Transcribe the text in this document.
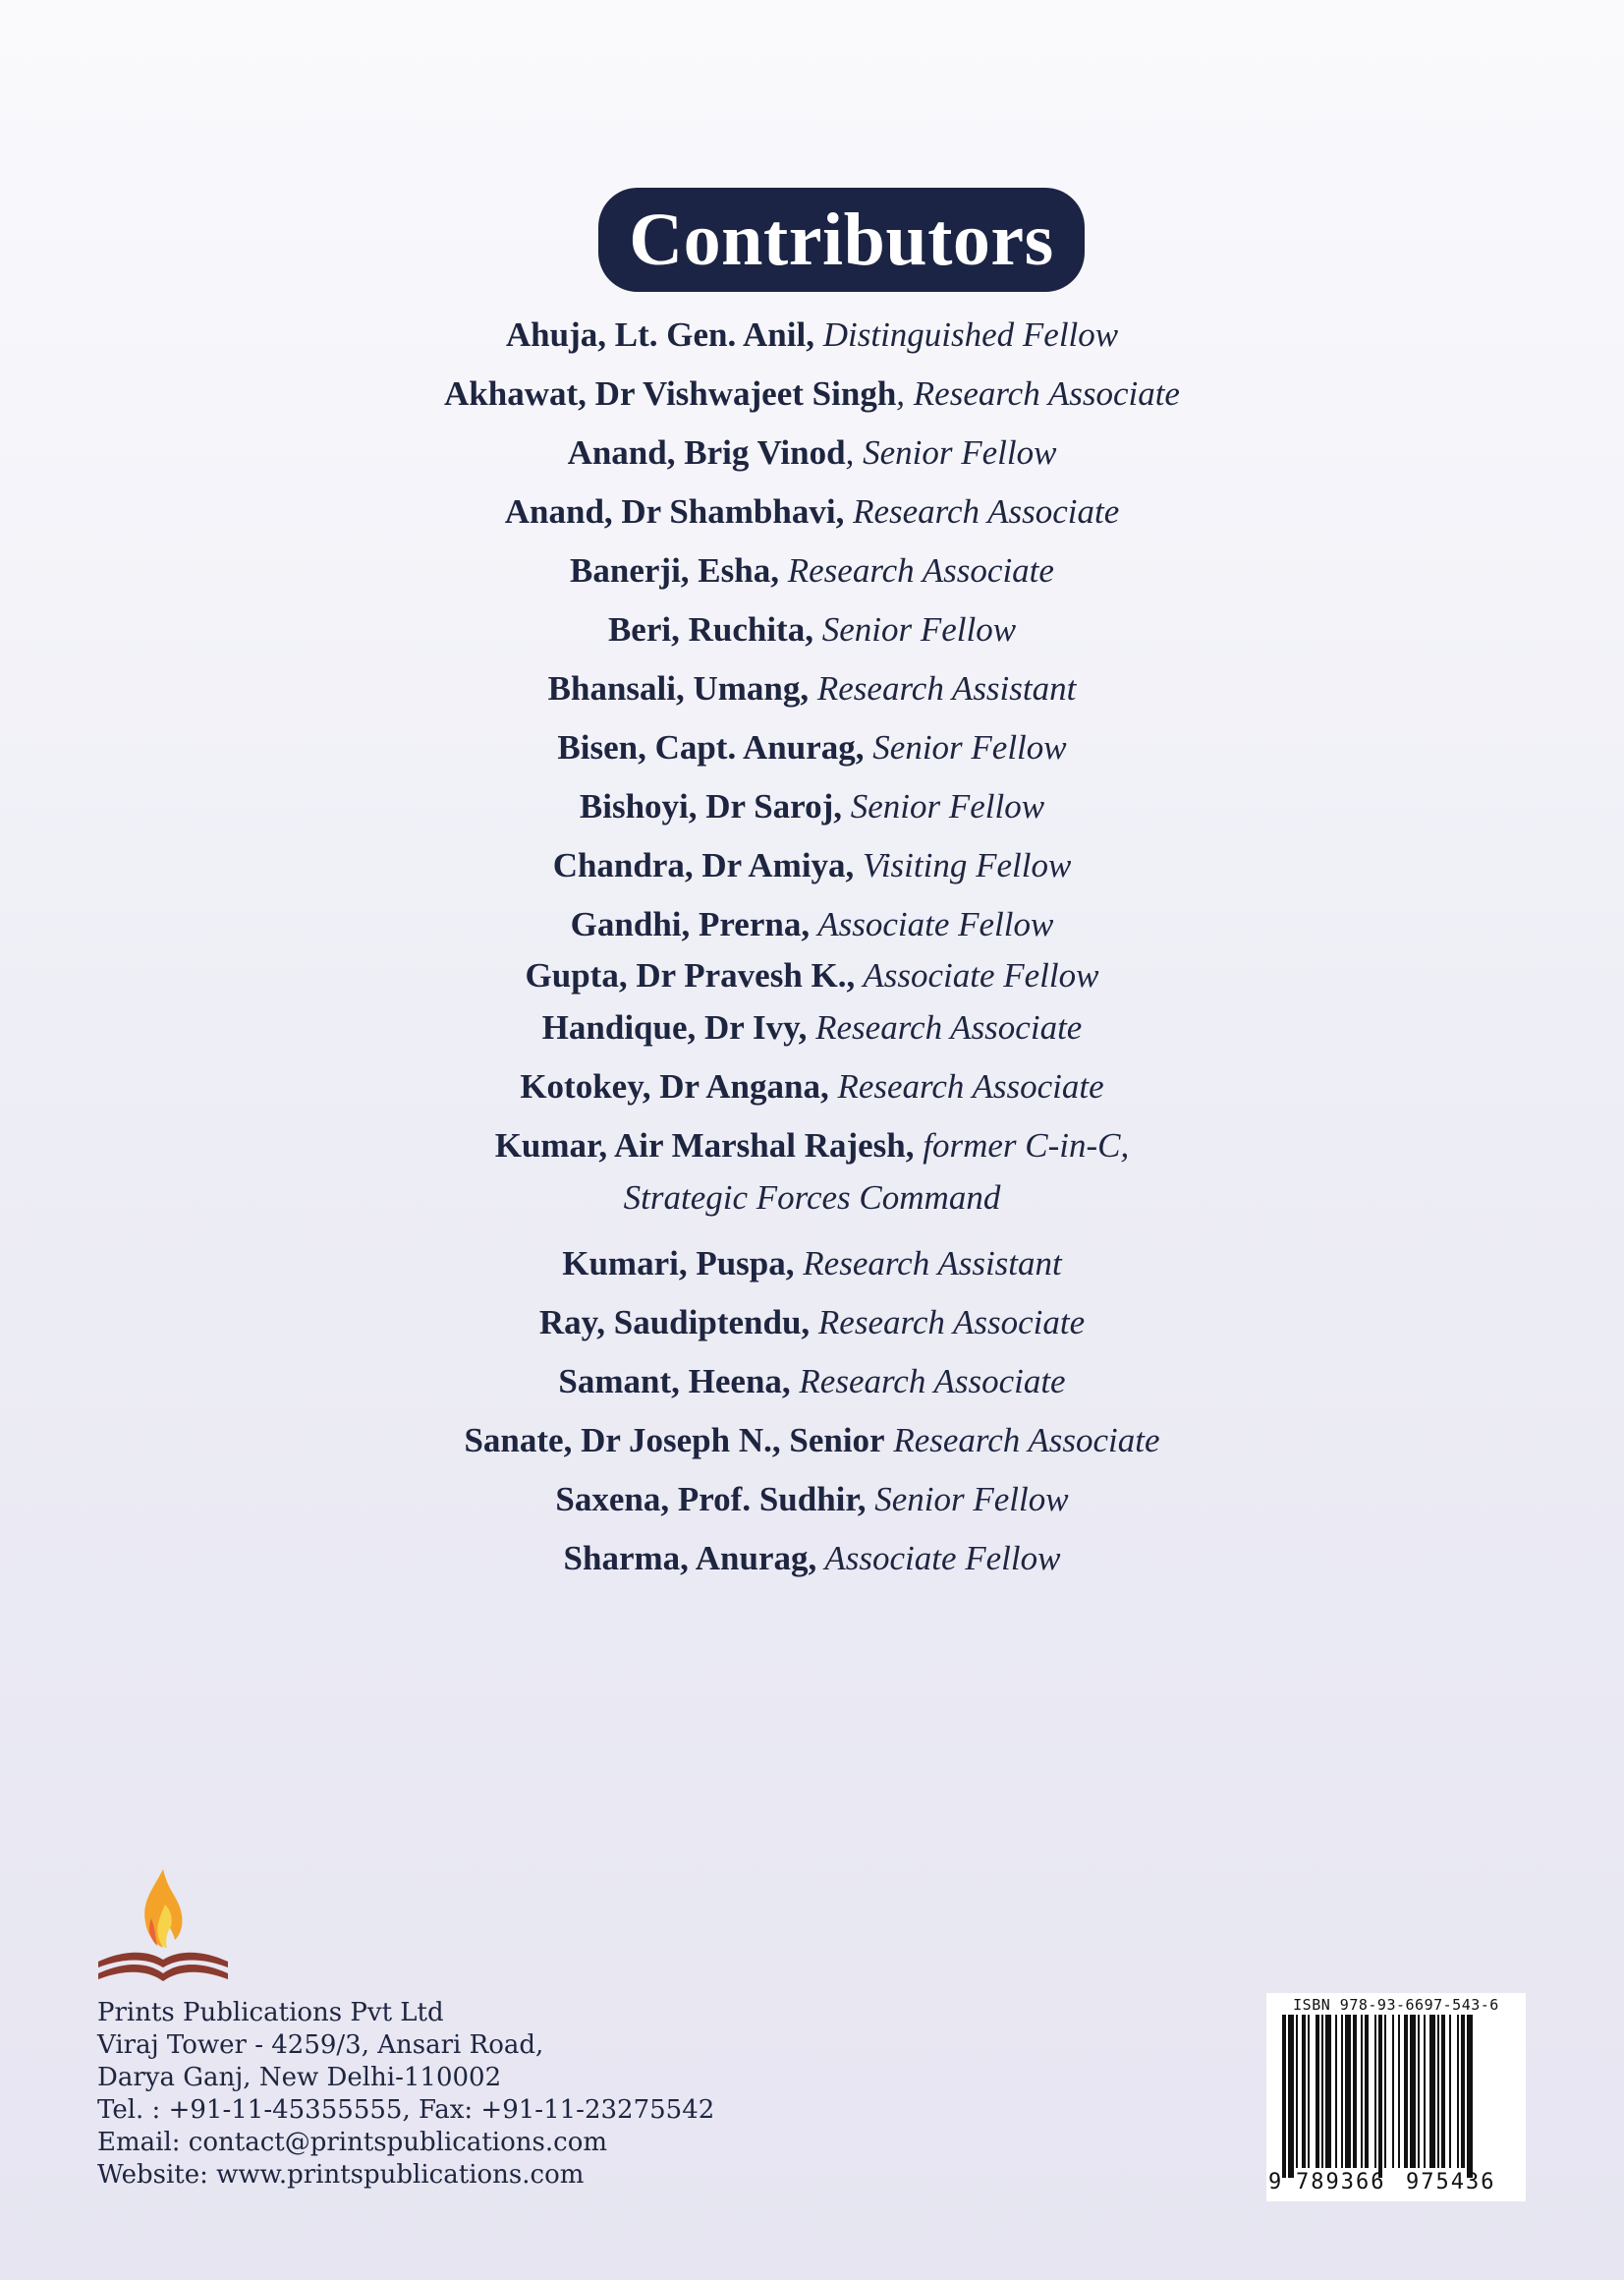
Contributors
Ahuja, Lt. Gen. Anil, Distinguished Fellow
Akhawat, Dr Vishwajeet Singh, Research Associate
Anand, Brig Vinod, Senior Fellow
Anand, Dr Shambhavi, Research Associate
Banerji, Esha, Research Associate
Beri, Ruchita, Senior Fellow
Bhansali, Umang, Research Assistant
Bisen, Capt. Anurag, Senior Fellow
Bishoyi, Dr Saroj, Senior Fellow
Chandra, Dr Amiya, Visiting Fellow
Gandhi, Prerna, Associate Fellow
Gupta, Dr Pravesh K., Associate Fellow
Handique, Dr Ivy, Research Associate
Kotokey, Dr Angana, Research Associate
Kumar, Air Marshal Rajesh, former C-in-C,
Strategic Forces Command
Kumari, Puspa, Research Assistant
Ray, Saudiptendu, Research Associate
Samant, Heena, Research Associate
Sanate, Dr Joseph N., Senior Research Associate
Saxena, Prof. Sudhir, Senior Fellow
Sharma, Anurag, Associate Fellow
Prints Publications Pvt Ltd
Viraj Tower - 4259/3, Ansari Road,
Darya Ganj, New Delhi-110002
Tel. : +91-11-45355555, Fax: +91-11-23275542
Email: contact@printspublications.com
Website: www.printspublications.com
ISBN 978-93-6697-543-6
9 789366 975436
